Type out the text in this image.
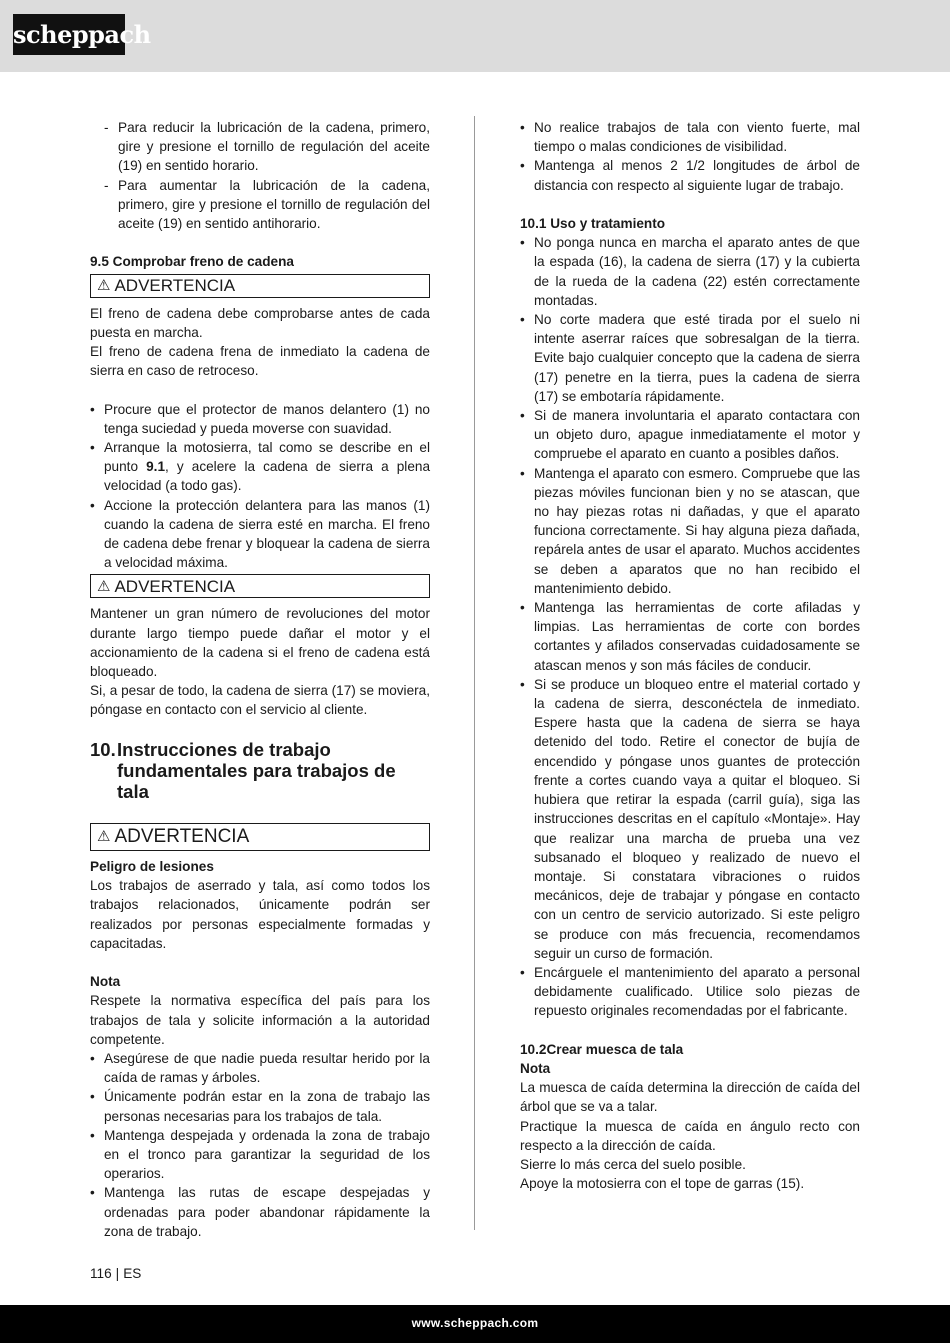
scheppach
- Para reducir la lubricación de la cadena, primero, gire y presione el tornillo de regulación del aceite (19) en sentido horario.
- Para aumentar la lubricación de la cadena, primero, gire y presione el tornillo de regulación del aceite (19) en sentido antihorario.

9.5 Comprobar freno de cadena

⚠ ADVERTENCIA

El freno de cadena debe comprobarse antes de cada puesta en marcha.

El freno de cadena frena de inmediato la cadena de sierra en caso de retroceso.

• Procure que el protector de manos delantero (1) no tenga suciedad y pueda moverse con suavidad.
• Arranque la motosierra, tal como se describe en el punto 9.1, y acelere la cadena de sierra a plena velocidad (a todo gas).
• Accione la protección delantera para las manos (1) cuando la cadena de sierra esté en marcha. El freno de cadena debe frenar y bloquear la cadena de sierra a velocidad máxima.
⚠ ADVERTENCIA

Mantener un gran número de revoluciones del motor durante largo tiempo puede dañar el motor y el accionamiento de la cadena si el freno de cadena está bloqueado.

Si, a pesar de todo, la cadena de sierra (17) se moviera, póngase en contacto con el servicio al cliente.

10. Instrucciones de trabajo fundamentales para trabajos de tala
⚠ ADVERTENCIA

Peligro de lesiones

Los trabajos de aserrado y tala, así como todos los trabajos relacionados, únicamente podrán ser realizados por personas especialmente formadas y capacitadas.

Nota

Respete la normativa específica del país para los trabajos de tala y solicite información a la autoridad competente.

• Asegúrese de que nadie pueda resultar herido por la caída de ramas y árboles.
• Únicamente podrán estar en la zona de trabajo las personas necesarias para los trabajos de tala.
• Mantenga despejada y ordenada la zona de trabajo en el tronco para garantizar la seguridad de los operarios.
• Mantenga las rutas de escape despejadas y ordenadas para poder abandonar rápidamente la zona de trabajo.
• No realice trabajos de tala con viento fuerte, mal tiempo o malas condiciones de visibilidad.
• Mantenga al menos 2 1/2 longitudes de árbol de distancia con respecto al siguiente lugar de trabajo.

10.1 Uso y tratamiento

• No ponga nunca en marcha el aparato antes de que la espada (16), la cadena de sierra (17) y la cubierta de la rueda de la cadena (22) estén correctamente montadas.
• No corte madera que esté tirada por el suelo ni intente aserrar raíces que sobresalgan de la tierra. Evite bajo cualquier concepto que la cadena de sierra (17) penetre en la tierra, pues la cadena de sierra (17) se embotaría rápidamente.
• Si de manera involuntaria el aparato contactara con un objeto duro, apague inmediatamente el motor y compruebe el aparato en cuanto a posibles daños.
• Mantenga el aparato con esmero. Compruebe que las piezas móviles funcionan bien y no se atascan, que no hay piezas rotas ni dañadas, y que el aparato funciona correctamente. Si hay alguna pieza dañada, repárela antes de usar el aparato. Muchos accidentes se deben a aparatos que no han recibido el mantenimiento debido.
• Mantenga las herramientas de corte afiladas y limpias. Las herramientas de corte con bordes cortantes y afilados conservadas cuidadosamente se atascan menos y son más fáciles de conducir.
• Si se produce un bloqueo entre el material cortado y la cadena de sierra, desconéctela de inmediato. Espere hasta que la cadena de sierra se haya detenido del todo. Retire el conector de bujía de encendido y póngase unos guantes de protección frente a cortes cuando vaya a quitar el bloqueo. Si hubiera que retirar la espada (carril guía), siga las instrucciones descritas en el capítulo «Montaje». Hay que realizar una marcha de prueba una vez subsanado el bloqueo y realizado de nuevo el montaje. Si constatara vibraciones o ruidos mecánicos, deje de trabajar y póngase en contacto con un centro de servicio autorizado. Si este peligro se produce con más frecuencia, recomendamos seguir un curso de formación.
• Encárguele el mantenimiento del aparato a personal debidamente cualificado. Utilice solo piezas de repuesto originales recomendadas por el fabricante.

10.2Crear muesca de tala

Nota

La muesca de caída determina la dirección de caída del árbol que se va a talar.

Practique la muesca de caída en ángulo recto con respecto a la dirección de caída.

Sierre lo más cerca del suelo posible.

Apoye la motosierra con el tope de garras (15).

116 | ES
www.scheppach.com
